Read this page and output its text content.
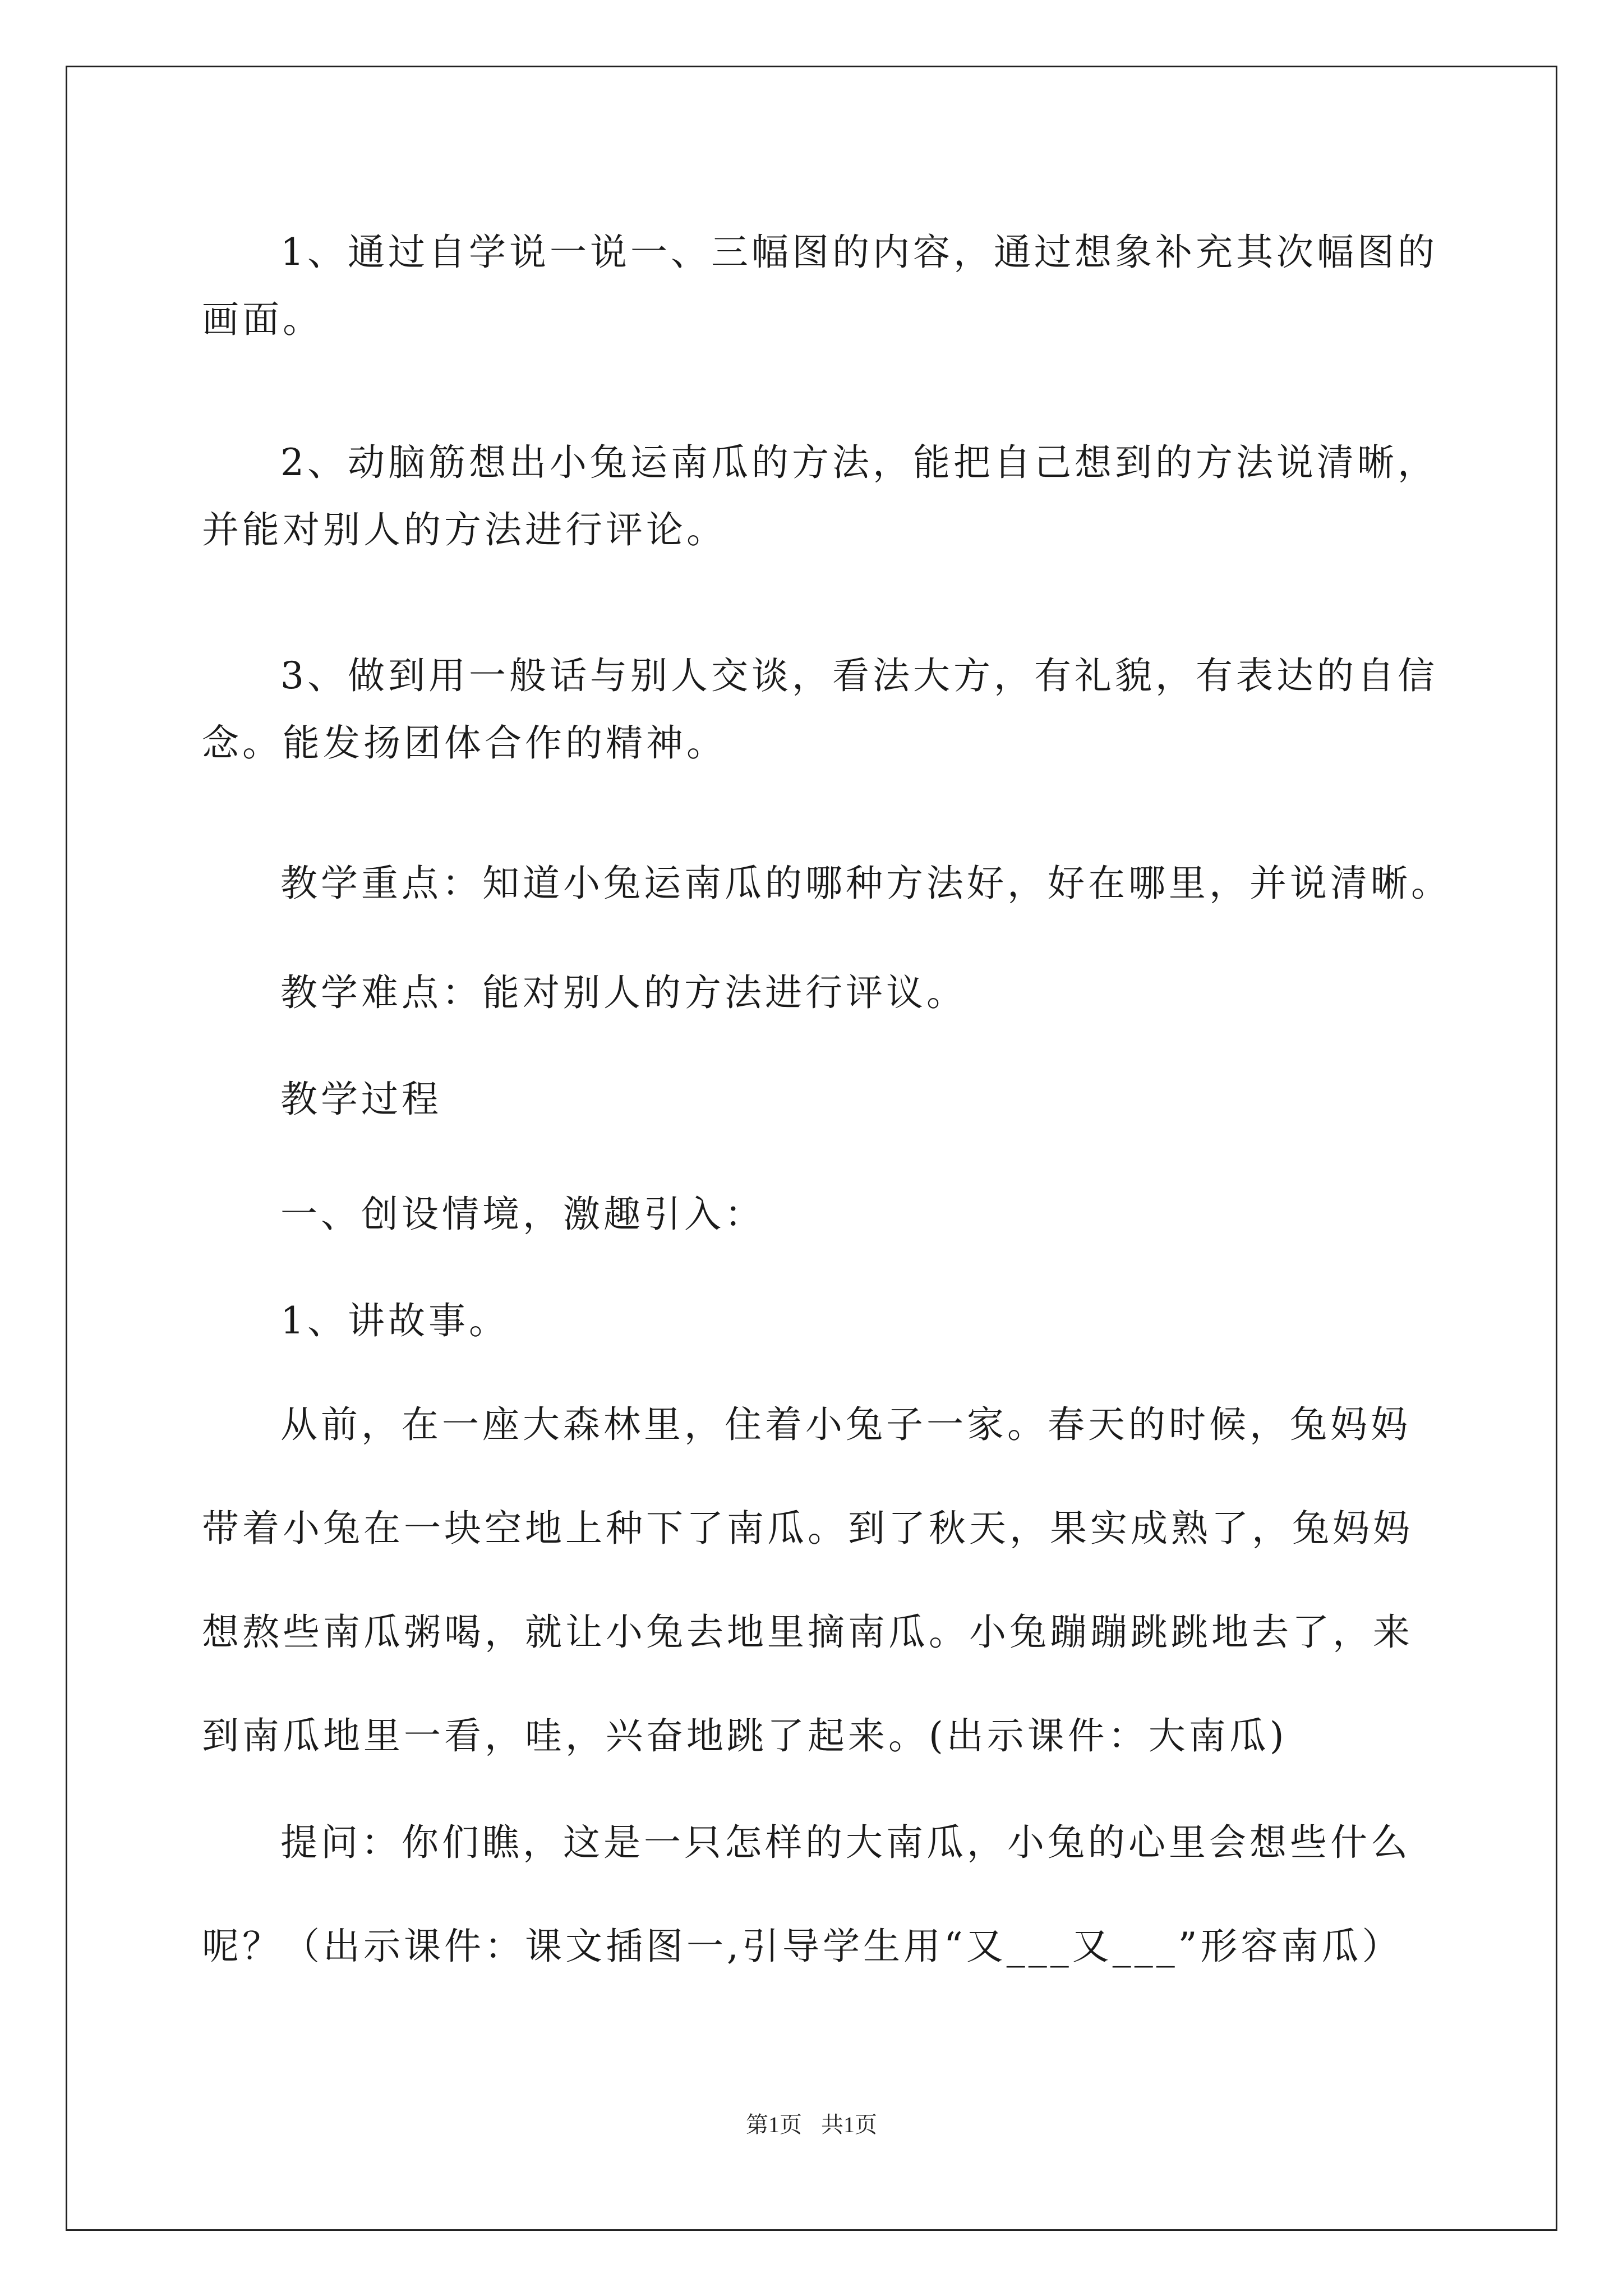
1、通过自学说一说一、三幅图的内容，通过想象补充其次幅图的
画面。
2、动脑筋想出小兔运南瓜的方法，能把自己想到的方法说清晰，
并能对别人的方法进行评论。
3、做到用一般话与别人交谈，看法大方，有礼貌，有表达的自信
念。能发扬团体合作的精神。
教学重点：知道小兔运南瓜的哪种方法好，好在哪里，并说清晰。
教学难点：能对别人的方法进行评议。
教学过程
一、创设情境，激趣引入：
1、讲故事。
从前，在一座大森林里，住着小兔子一家。春天的时候，兔妈妈
带着小兔在一块空地上种下了南瓜。到了秋天，果实成熟了，兔妈妈
想熬些南瓜粥喝，就让小兔去地里摘南瓜。小兔蹦蹦跳跳地去了，来
到南瓜地里一看，哇，兴奋地跳了起来。(出示课件：大南瓜)
提问：你们瞧，这是一只怎样的大南瓜，小兔的心里会想些什么
呢？（出示课件：课文插图一,引导学生用“又___又___”形容南瓜）
第1页 共1页
